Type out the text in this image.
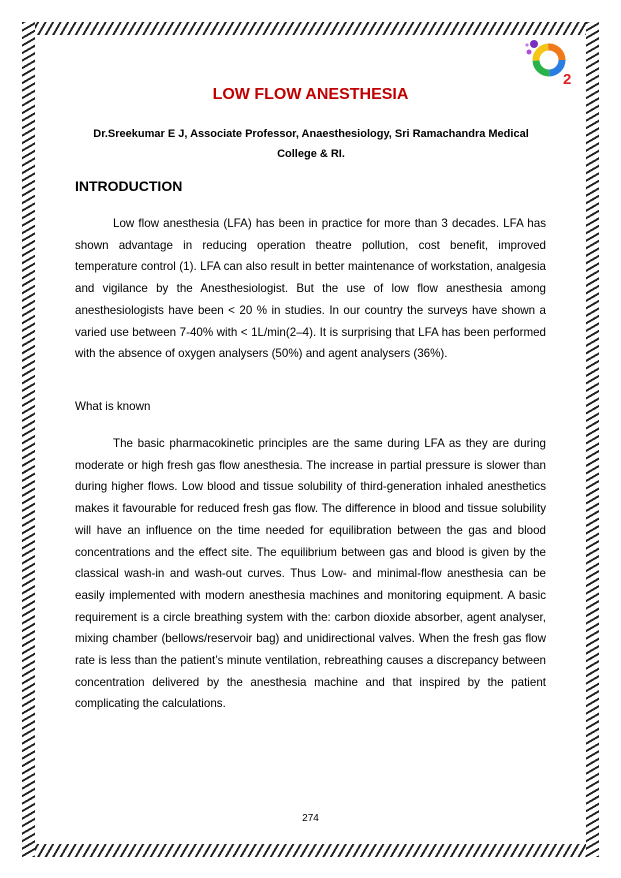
2
LOW FLOW ANESTHESIA
Dr.Sreekumar E J, Associate Professor, Anaesthesiology, Sri Ramachandra Medical College & RI.
INTRODUCTION

Low flow anesthesia (LFA) has been in practice for more than 3 decades. LFA has shown advantage in reducing operation theatre pollution, cost benefit, improved temperature control (1). LFA can also result in better maintenance of workstation, analgesia and vigilance by the Anesthesiologist. But the use of low flow anesthesia among anesthesiologists have been < 20 % in studies. In our country the surveys have shown a varied use between 7-40% with < 1L/min(2–4). It is surprising that LFA has been performed with the absence of oxygen analysers (50%) and agent analysers (36%).

What is known

The basic pharmacokinetic principles are the same during LFA as they are during moderate or high fresh gas flow anesthesia. The increase in partial pressure is slower than during higher flows. Low blood and tissue solubility of third-generation inhaled anesthetics makes it favourable for reduced fresh gas flow. The difference in blood and tissue solubility will have an influence on the time needed for equilibration between the gas and blood concentrations and the effect site. The equilibrium between gas and blood is given by the classical wash-in and wash-out curves. Thus Low- and minimal-flow anesthesia can be easily implemented with modern anesthesia machines and monitoring equipment. A basic requirement is a circle breathing system with the: carbon dioxide absorber, agent analyser, mixing chamber (bellows/reservoir bag) and unidirectional valves. When the fresh gas flow rate is less than the patient’s minute ventilation, rebreathing causes a discrepancy between concentration delivered by the anesthesia machine and that inspired by the patient complicating the calculations.

274
